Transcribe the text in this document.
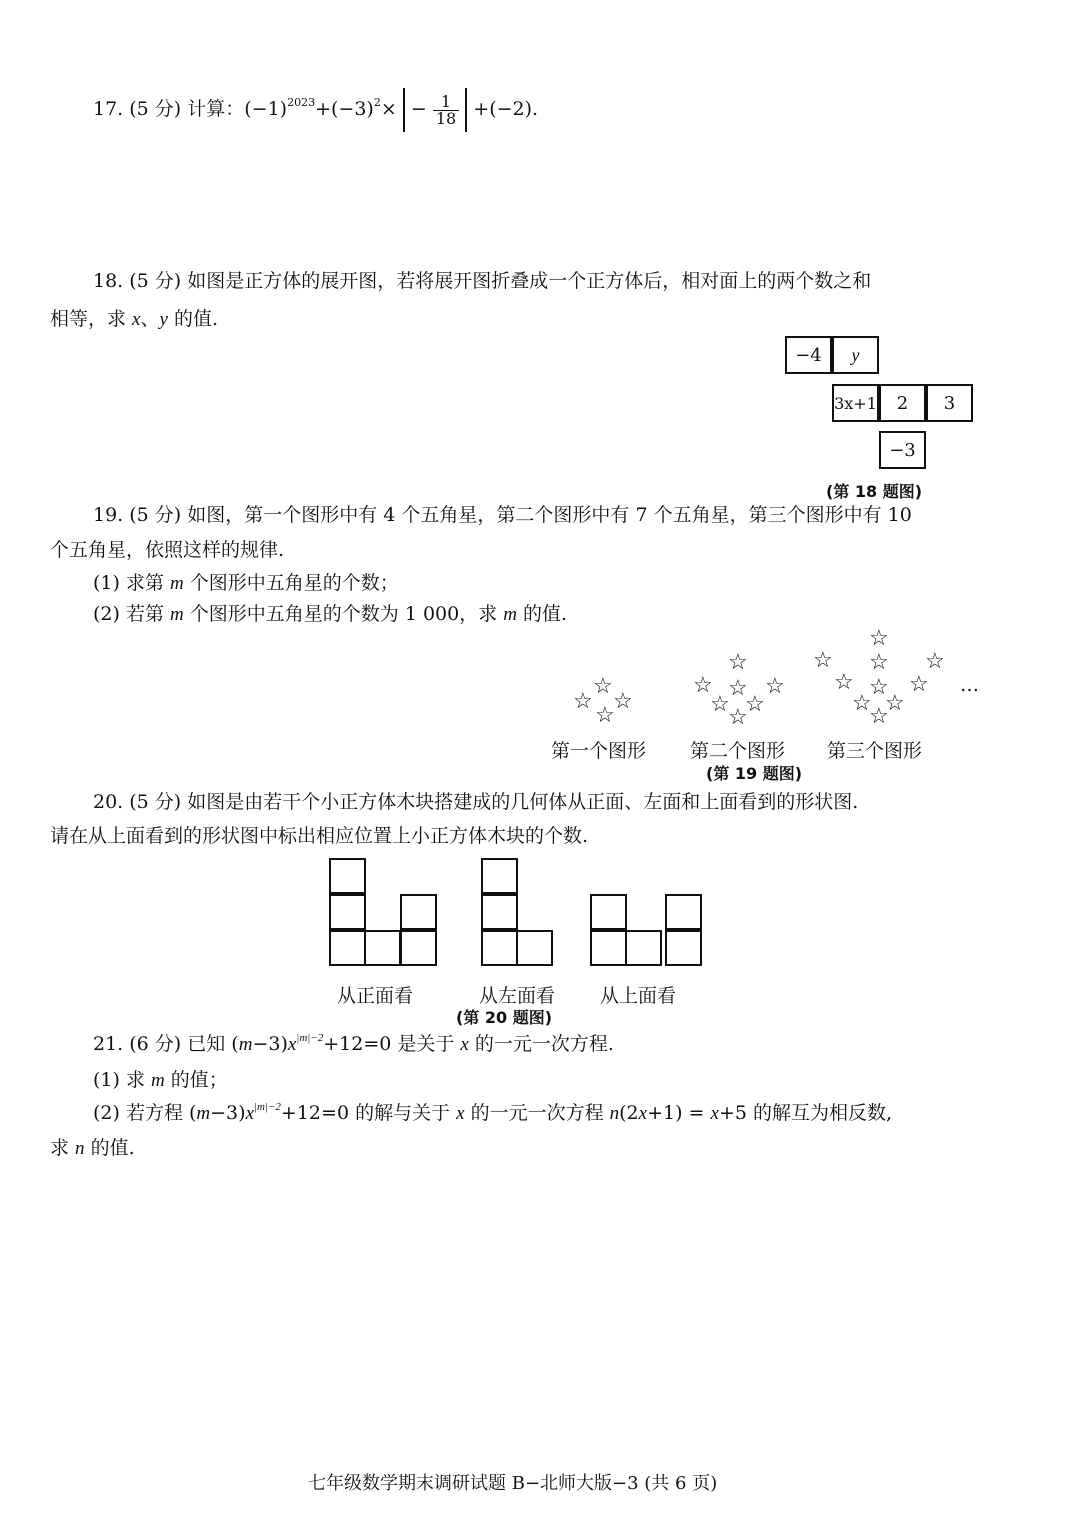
17. (5 分) 计算：$(-1)^{2023}+(-3)^2\times - \frac{1}{18} +(-2)$.
18. (5 分) 如图是正方体的展开图，若将展开图折叠成一个正方体后，相对面上的两个数之和
相等，求 x、y 的值.
−4	y
3x+1	2	3
−3
(第 18 题图)
19. (5 分) 如图，第一个图形中有 4 个五角星，第二个图形中有 7 个五角星，第三个图形中有 10
个五角星，依照这样的规律.
(1) 求第 m 个图形中五角星的个数；
(2) 若第 m 个图形中五角星的个数为 1 000，求 m 的值.
☆
☆ ☆
☆
☆
☆ ☆ ☆
☆ ☆
☆
☆
☆ ☆ ☆
☆ ☆ ☆
☆ ☆
☆
…
第一个图形 第二个图形 第三个图形
(第 19 题图)
20. (5 分) 如图是由若干个小正方体木块搭建成的几何体从正面、左面和上面看到的形状图.
请在从上面看到的形状图中标出相应位置上小正方体木块的个数.
从正面看	从左面看 从上面看
(第 20 题图)
21. (6 分) 已知 $(m-3)x^{|m|-2}+12=0$ 是关于 x 的一元一次方程.
(1) 求 m 的值；
(2) 若方程 $(m-3)x^{|m|-2}+12=0$ 的解与关于 x 的一元一次方程 n(2x+1) = x+5 的解互为相反数,
求 n 的值.
七年级数学期末调研试题 B−北师大版−3 (共 6 页)
